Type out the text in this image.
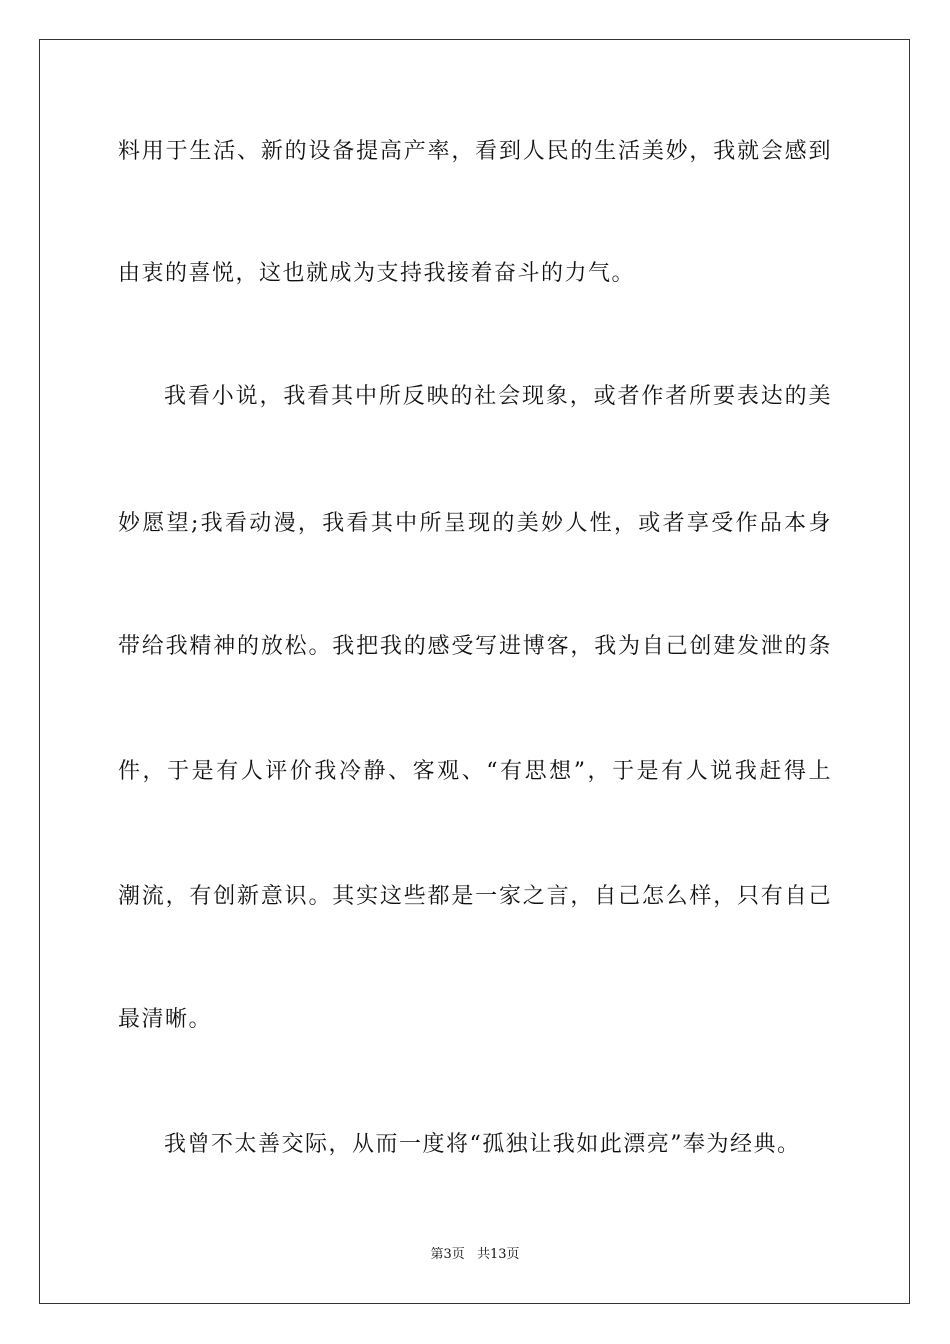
料用于生活、新的设备提高产率，看到人民的生活美妙，我就会感到
由衷的喜悦，这也就成为支持我接着奋斗的力气。
我看小说，我看其中所反映的社会现象，或者作者所要表达的美
妙愿望;我看动漫，我看其中所呈现的美妙人性，或者享受作品本身
带给我精神的放松。我把我的感受写进博客，我为自己创建发泄的条
件，于是有人评价我冷静、客观、“有思想”，于是有人说我赶得上
潮流，有创新意识。其实这些都是一家之言，自己怎么样，只有自己
最清晰。
我曾不太善交际，从而一度将“孤独让我如此漂亮”奉为经典。
第3页 共13页
